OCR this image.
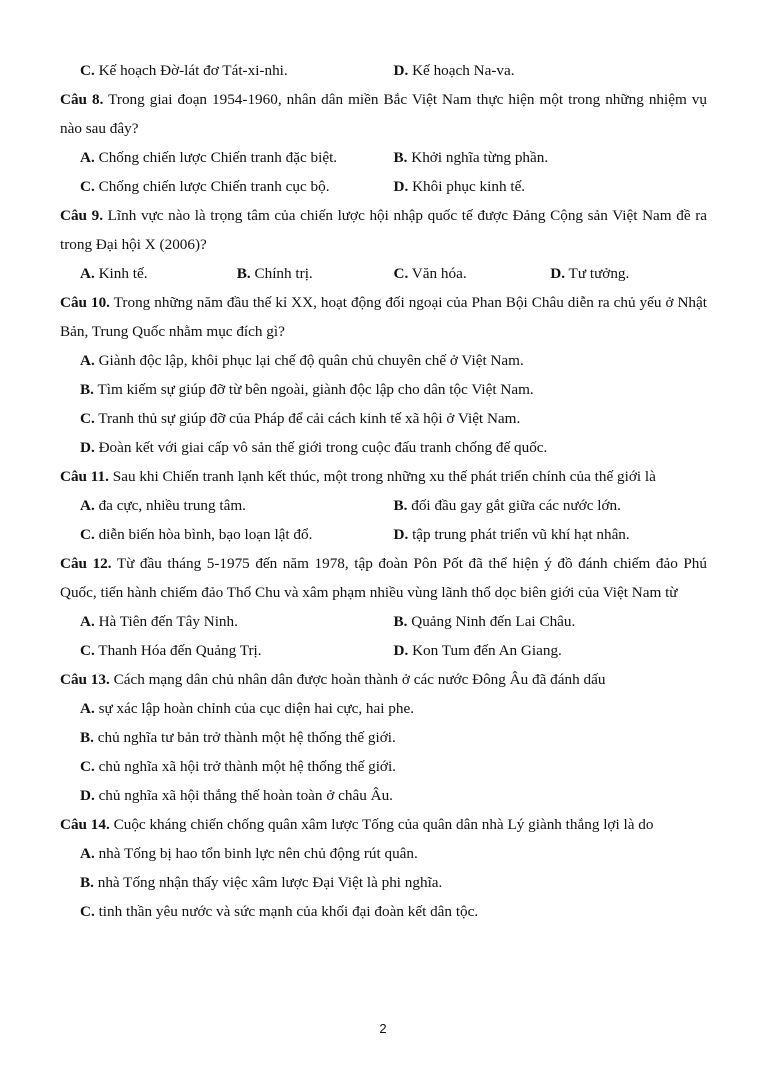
C. Kế hoạch Đờ-lát đơ Tát-xi-nhi.	D. Kế hoạch Na-va.
Câu 8. Trong giai đoạn 1954-1960, nhân dân miền Bắc Việt Nam thực hiện một trong những nhiệm vụ nào sau đây?
A. Chống chiến lược Chiến tranh đặc biệt.	B. Khởi nghĩa từng phần.
C. Chống chiến lược Chiến tranh cục bộ.	D. Khôi phục kinh tế.
Câu 9. Lĩnh vực nào là trọng tâm của chiến lược hội nhập quốc tế được Đảng Cộng sản Việt Nam đề ra trong Đại hội X (2006)?
A. Kinh tế.	B. Chính trị.	C. Văn hóa.	D. Tư tưởng.
Câu 10. Trong những năm đầu thế kỉ XX, hoạt động đối ngoại của Phan Bội Châu diễn ra chủ yếu ở Nhật Bản, Trung Quốc nhằm mục đích gì?
A. Giành độc lập, khôi phục lại chế độ quân chủ chuyên chế ở Việt Nam.
B. Tìm kiếm sự giúp đỡ từ bên ngoài, giành độc lập cho dân tộc Việt Nam.
C. Tranh thủ sự giúp đỡ của Pháp để cải cách kinh tế xã hội ở Việt Nam.
D. Đoàn kết với giai cấp vô sản thế giới trong cuộc đấu tranh chống đế quốc.
Câu 11. Sau khi Chiến tranh lạnh kết thúc, một trong những xu thế phát triển chính của thế giới là
A. đa cực, nhiều trung tâm.	B. đối đầu gay gắt giữa các nước lớn.
C. diễn biến hòa bình, bạo loạn lật đổ.	D. tập trung phát triển vũ khí hạt nhân.
Câu 12. Từ đầu tháng 5-1975 đến năm 1978, tập đoàn Pôn Pốt đã thể hiện ý đồ đánh chiếm đảo Phú Quốc, tiến hành chiếm đảo Thổ Chu và xâm phạm nhiều vùng lãnh thổ dọc biên giới của Việt Nam từ
A. Hà Tiên đến Tây Ninh.	B. Quảng Ninh đến Lai Châu.
C. Thanh Hóa đến Quảng Trị.	D. Kon Tum đến An Giang.
Câu 13. Cách mạng dân chủ nhân dân được hoàn thành ở các nước Đông Âu đã đánh dấu
A. sự xác lập hoàn chỉnh của cục diện hai cực, hai phe.
B. chủ nghĩa tư bản trở thành một hệ thống thế giới.
C. chủ nghĩa xã hội trở thành một hệ thống thế giới.
D. chủ nghĩa xã hội thắng thế hoàn toàn ở châu Âu.
Câu 14. Cuộc kháng chiến chống quân xâm lược Tống của quân dân nhà Lý giành thắng lợi là do
A. nhà Tống bị hao tổn binh lực nên chủ động rút quân.
B. nhà Tống nhận thấy việc xâm lược Đại Việt là phi nghĩa.
C. tinh thần yêu nước và sức mạnh của khối đại đoàn kết dân tộc.
2
